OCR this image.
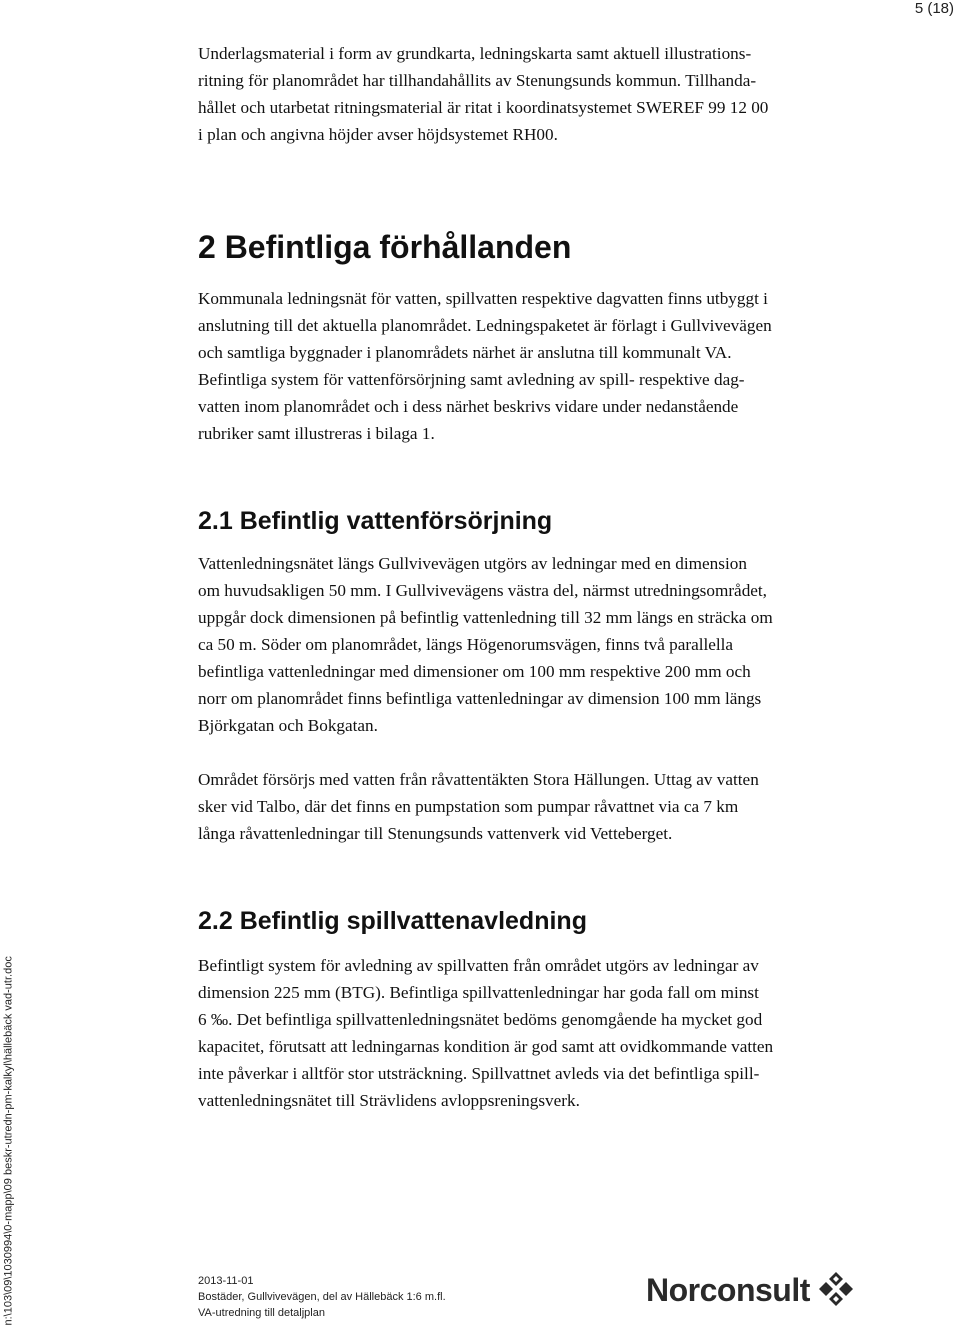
5 (18)

Underlagsmaterial i form av grundkarta, ledningskarta samt aktuell illustrations-
ritning för planområdet har tillhandahållits av Stenungsunds kommun. Tillhanda-
hållet och utarbetat ritningsmaterial är ritat i koordinatsystemet SWEREF 99 12 00
i plan och angivna höjder avser höjdsystemet RH00.

2 Befintliga förhållanden

Kommunala ledningsnät för vatten, spillvatten respektive dagvatten finns utbyggt i
anslutning till det aktuella planområdet. Ledningspaketet är förlagt i Gullvivevägen
och samtliga byggnader i planområdets närhet är anslutna till kommunalt VA.
Befintliga system för vattenförsörjning samt avledning av spill- respektive dag-
vatten inom planområdet och i dess närhet beskrivs vidare under nedanstående
rubriker samt illustreras i bilaga 1.

2.1 Befintlig vattenförsörjning

Vattenledningsnätet längs Gullvivevägen utgörs av ledningar med en dimension
om huvudsakligen 50 mm. I Gullvivevägens västra del, närmst utredningsområdet,
uppgår dock dimensionen på befintlig vattenledning till 32 mm längs en sträcka om
ca 50 m. Söder om planområdet, längs Högenorumsvägen, finns två parallella
befintliga vattenledningar med dimensioner om 100 mm respektive 200 mm och
norr om planområdet finns befintliga vattenledningar av dimension 100 mm längs
Björkgatan och Bokgatan.

Området försörjs med vatten från råvattentäkten Stora Hällungen. Uttag av vatten
sker vid Talbo, där det finns en pumpstation som pumpar råvattnet via ca 7 km
långa råvattenledningar till Stenungsunds vattenverk vid Vetteberget.

2.2 Befintlig spillvattenavledning

Befintligt system för avledning av spillvatten från området utgörs av ledningar av
dimension 225 mm (BTG). Befintliga spillvattenledningar har goda fall om minst
6 ‰. Det befintliga spillvattenledningsnätet bedöms genomgående ha mycket god
kapacitet, förutsatt att ledningarnas kondition är god samt att ovidkommande vatten
inte påverkar i alltför stor utsträckning. Spillvattnet avleds via det befintliga spill-
vattenledningsnätet till Strävlidens avloppsreningsverk.

n:\103\09\1030994\0-mapp\09 beskr-utredn-pm-kalkyl\hällebäck vad-utr.doc	2013-11-01
Bostäder, Gullvivevägen, del av Hällebäck 1:6 m.fl.
VA-utredning till detaljplan
Norconsult
